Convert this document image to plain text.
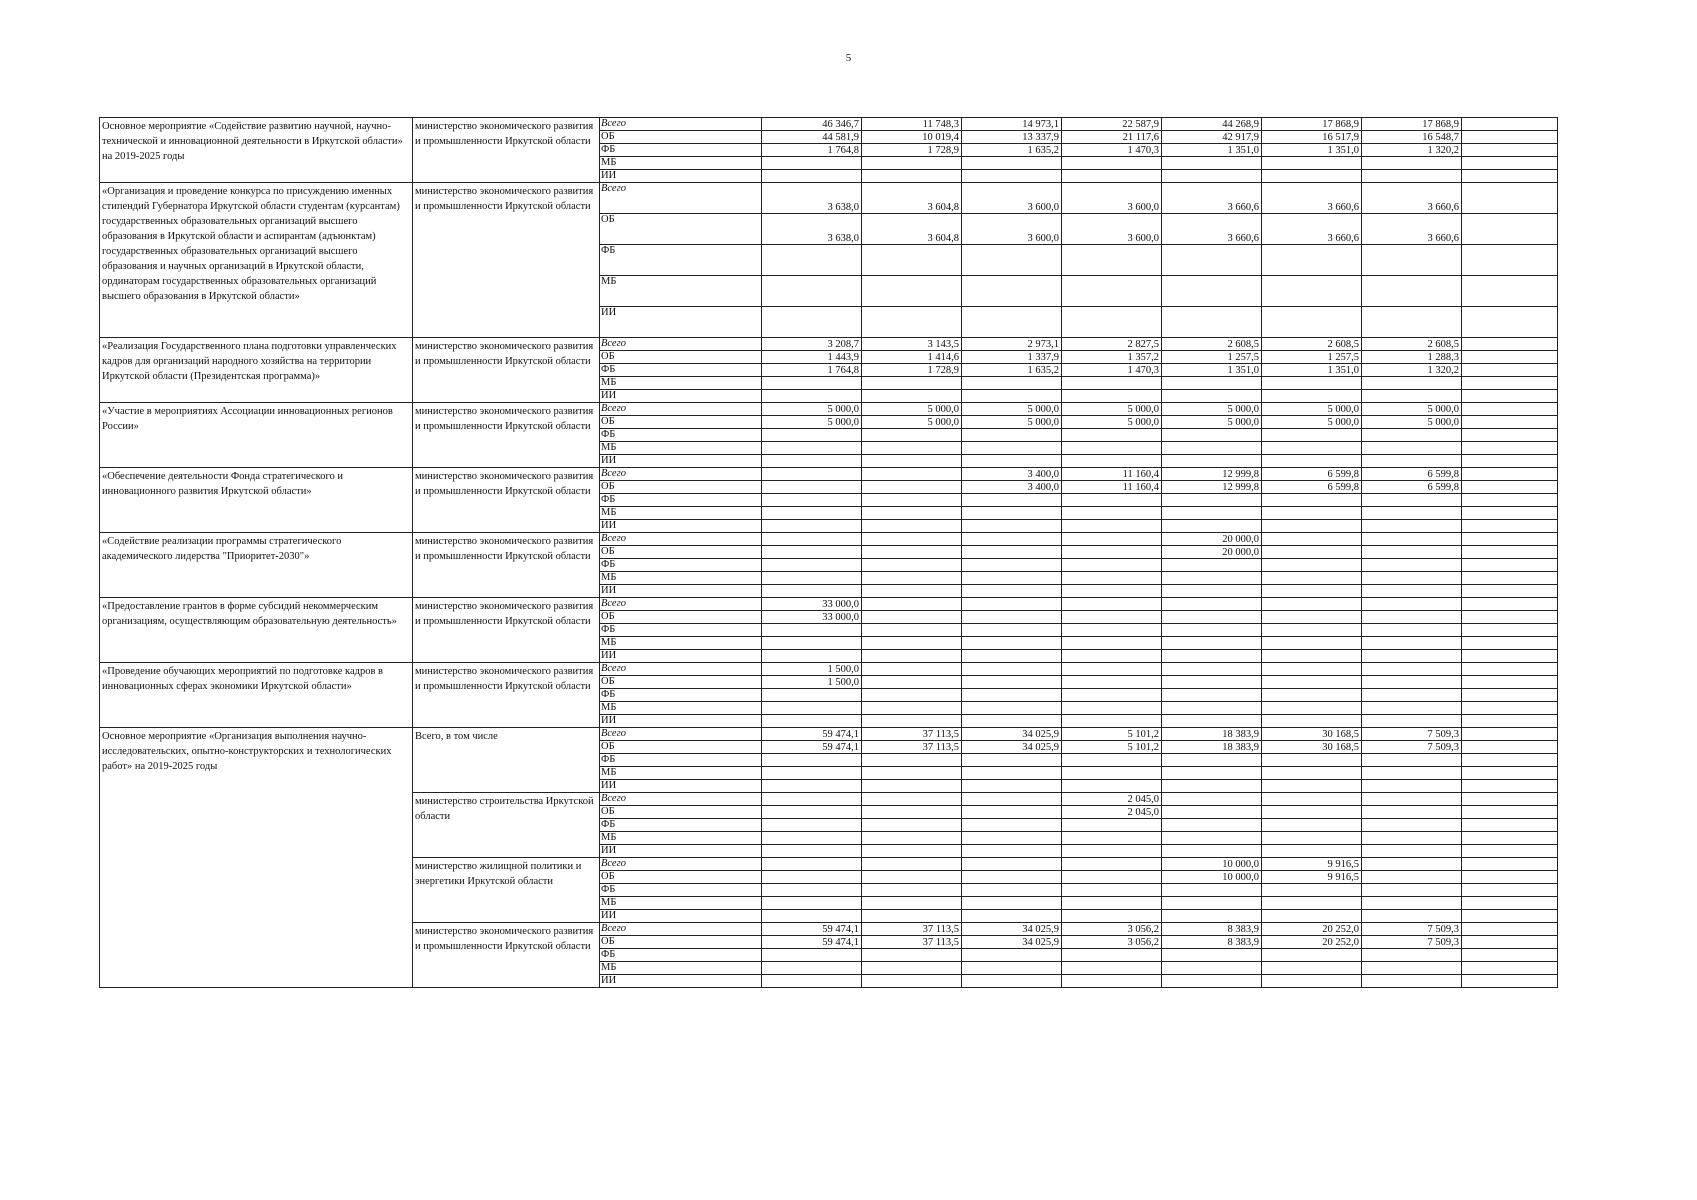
5
Основное мероприятие «Содействие развитию научной, научно-технической и инновационной деятельности в Иркутской области» на 2019-2025 годы	министерство экономического развития и промышленности Иркутской области	Всего	46 346,7	11 748,3	14 973,1	22 587,9	44 268,9	17 868,9	17 868,9	
		ОБ	44 581,9	10 019,4	13 337,9	21 117,6	42 917,9	16 517,9	16 548,7	
		ФБ	1 764,8	1 728,9	1 635,2	1 470,3	1 351,0	1 351,0	1 320,2	
		МБ								
		ИИ								
«Организация и проведение конкурса по присуждению именных стипендий Губернатора Иркутской области студентам (курсантам) государственных образовательных организаций высшего образования в Иркутской области и аспирантам (адъюнктам) государственных образовательных организаций высшего образования и научных организаций в Иркутской области, ординаторам государственных образовательных организаций высшего образования в Иркутской области»	министерство экономического развития и промышленности Иркутской области	Всего	3 638,0	3 604,8	3 600,0	3 600,0	3 660,6	3 660,6	3 660,6	
		ОБ	3 638,0	3 604,8	3 600,0	3 600,0	3 660,6	3 660,6	3 660,6	
		ФБ								
		МБ								
		ИИ								
«Реализация Государственного плана подготовки управленческих кадров для организаций народного хозяйства на территории Иркутской области (Президентская программа)»	министерство экономического развития и промышленности Иркутской области	Всего	3 208,7	3 143,5	2 973,1	2 827,5	2 608,5	2 608,5	2 608,5	
		ОБ	1 443,9	1 414,6	1 337,9	1 357,2	1 257,5	1 257,5	1 288,3	
		ФБ	1 764,8	1 728,9	1 635,2	1 470,3	1 351,0	1 351,0	1 320,2	
		МБ								
		ИИ								
«Участие в мероприятиях Ассоциации инновационных регионов России»	министерство экономического развития и промышленности Иркутской области	Всего	5 000,0	5 000,0	5 000,0	5 000,0	5 000,0	5 000,0	5 000,0	
		ОБ	5 000,0	5 000,0	5 000,0	5 000,0	5 000,0	5 000,0	5 000,0	
		ФБ								
		МБ								
		ИИ								
«Обеспечение деятельности Фонда стратегического и инновационного развития Иркутской области»	министерство экономического развития и промышленности Иркутской области	Всего			3 400,0	11 160,4	12 999,8	6 599,8	6 599,8	
		ОБ			3 400,0	11 160,4	12 999,8	6 599,8	6 599,8	
		ФБ								
		МБ								
		ИИ								
«Содействие реализации программы стратегического академического лидерства "Приоритет-2030"»	министерство экономического развития и промышленности Иркутской области	Всего					20 000,0			
		ОБ					20 000,0			
		ФБ								
		МБ								
		ИИ								
«Предоставление грантов в форме субсидий некоммерческим организациям, осуществляющим образовательную деятельность»	министерство экономического развития и промышленности Иркутской области	Всего	33 000,0							
		ОБ	33 000,0							
		ФБ								
		МБ								
		ИИ								
«Проведение обучающих мероприятий по подготовке кадров в инновационных сферах экономики Иркутской области»	министерство экономического развития и промышленности Иркутской области	Всего	1 500,0							
		ОБ	1 500,0							
		ФБ								
		МБ								
		ИИ								
Основное мероприятие «Организация выполнения научно-исследовательских, опытно-конструкторских и технологических работ» на 2019-2025 годы	Всего, в том числе	Всего	59 474,1	37 113,5	34 025,9	5 101,2	18 383,9	30 168,5	7 509,3	
		ОБ	59 474,1	37 113,5	34 025,9	5 101,2	18 383,9	30 168,5	7 509,3	
		ФБ								
		МБ								
		ИИ								
	министерство строительства Иркутской области	Всего				2 045,0				
		ОБ				2 045,0				
		ФБ								
		МБ								
		ИИ								
	министерство жилищной политики и энергетики Иркутской области	Всего					10 000,0	9 916,5		
		ОБ					10 000,0	9 916,5		
		ФБ								
		МБ								
		ИИ								
	министерство экономического развития и промышленности Иркутской области	Всего	59 474,1	37 113,5	34 025,9	3 056,2	8 383,9	20 252,0	7 509,3	
		ОБ	59 474,1	37 113,5	34 025,9	3 056,2	8 383,9	20 252,0	7 509,3	
		ФБ								
		МБ								
		ИИ								
